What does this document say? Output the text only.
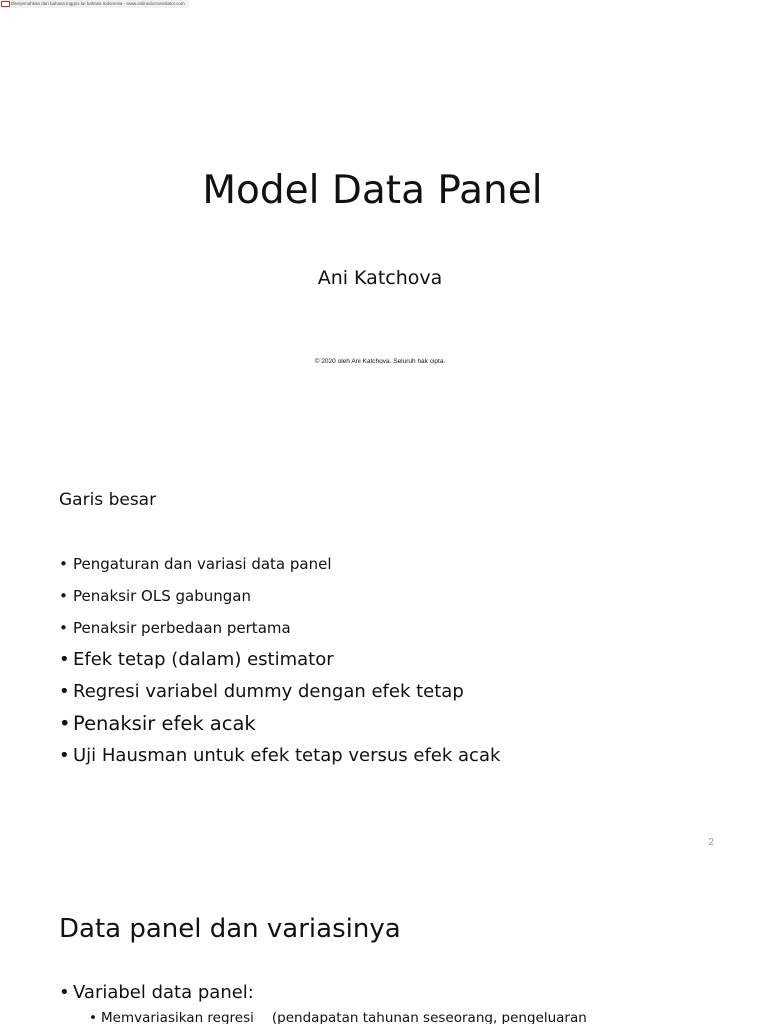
Diterjemahkan dari bahasa Inggris ke bahasa Indonesia - www.onlinedoctranslator.com
Model Data Panel
Ani Katchova
© 2020 oleh Ani Katchova. Seluruh hak cipta.
Garis besar
• Pengaturan dan variasi data panel
• Penaksir OLS gabungan
• Penaksir perbedaan pertama
• Efek tetap (dalam) estimator
• Regresi variabel dummy dengan efek tetap
• Penaksir efek acak
• Uji Hausman untuk efek tetap versus efek acak
2
Data panel dan variasinya
• Variabel data panel:
• Memvariasikan regresi (pendapatan tahunan seseorang, pengeluaran
